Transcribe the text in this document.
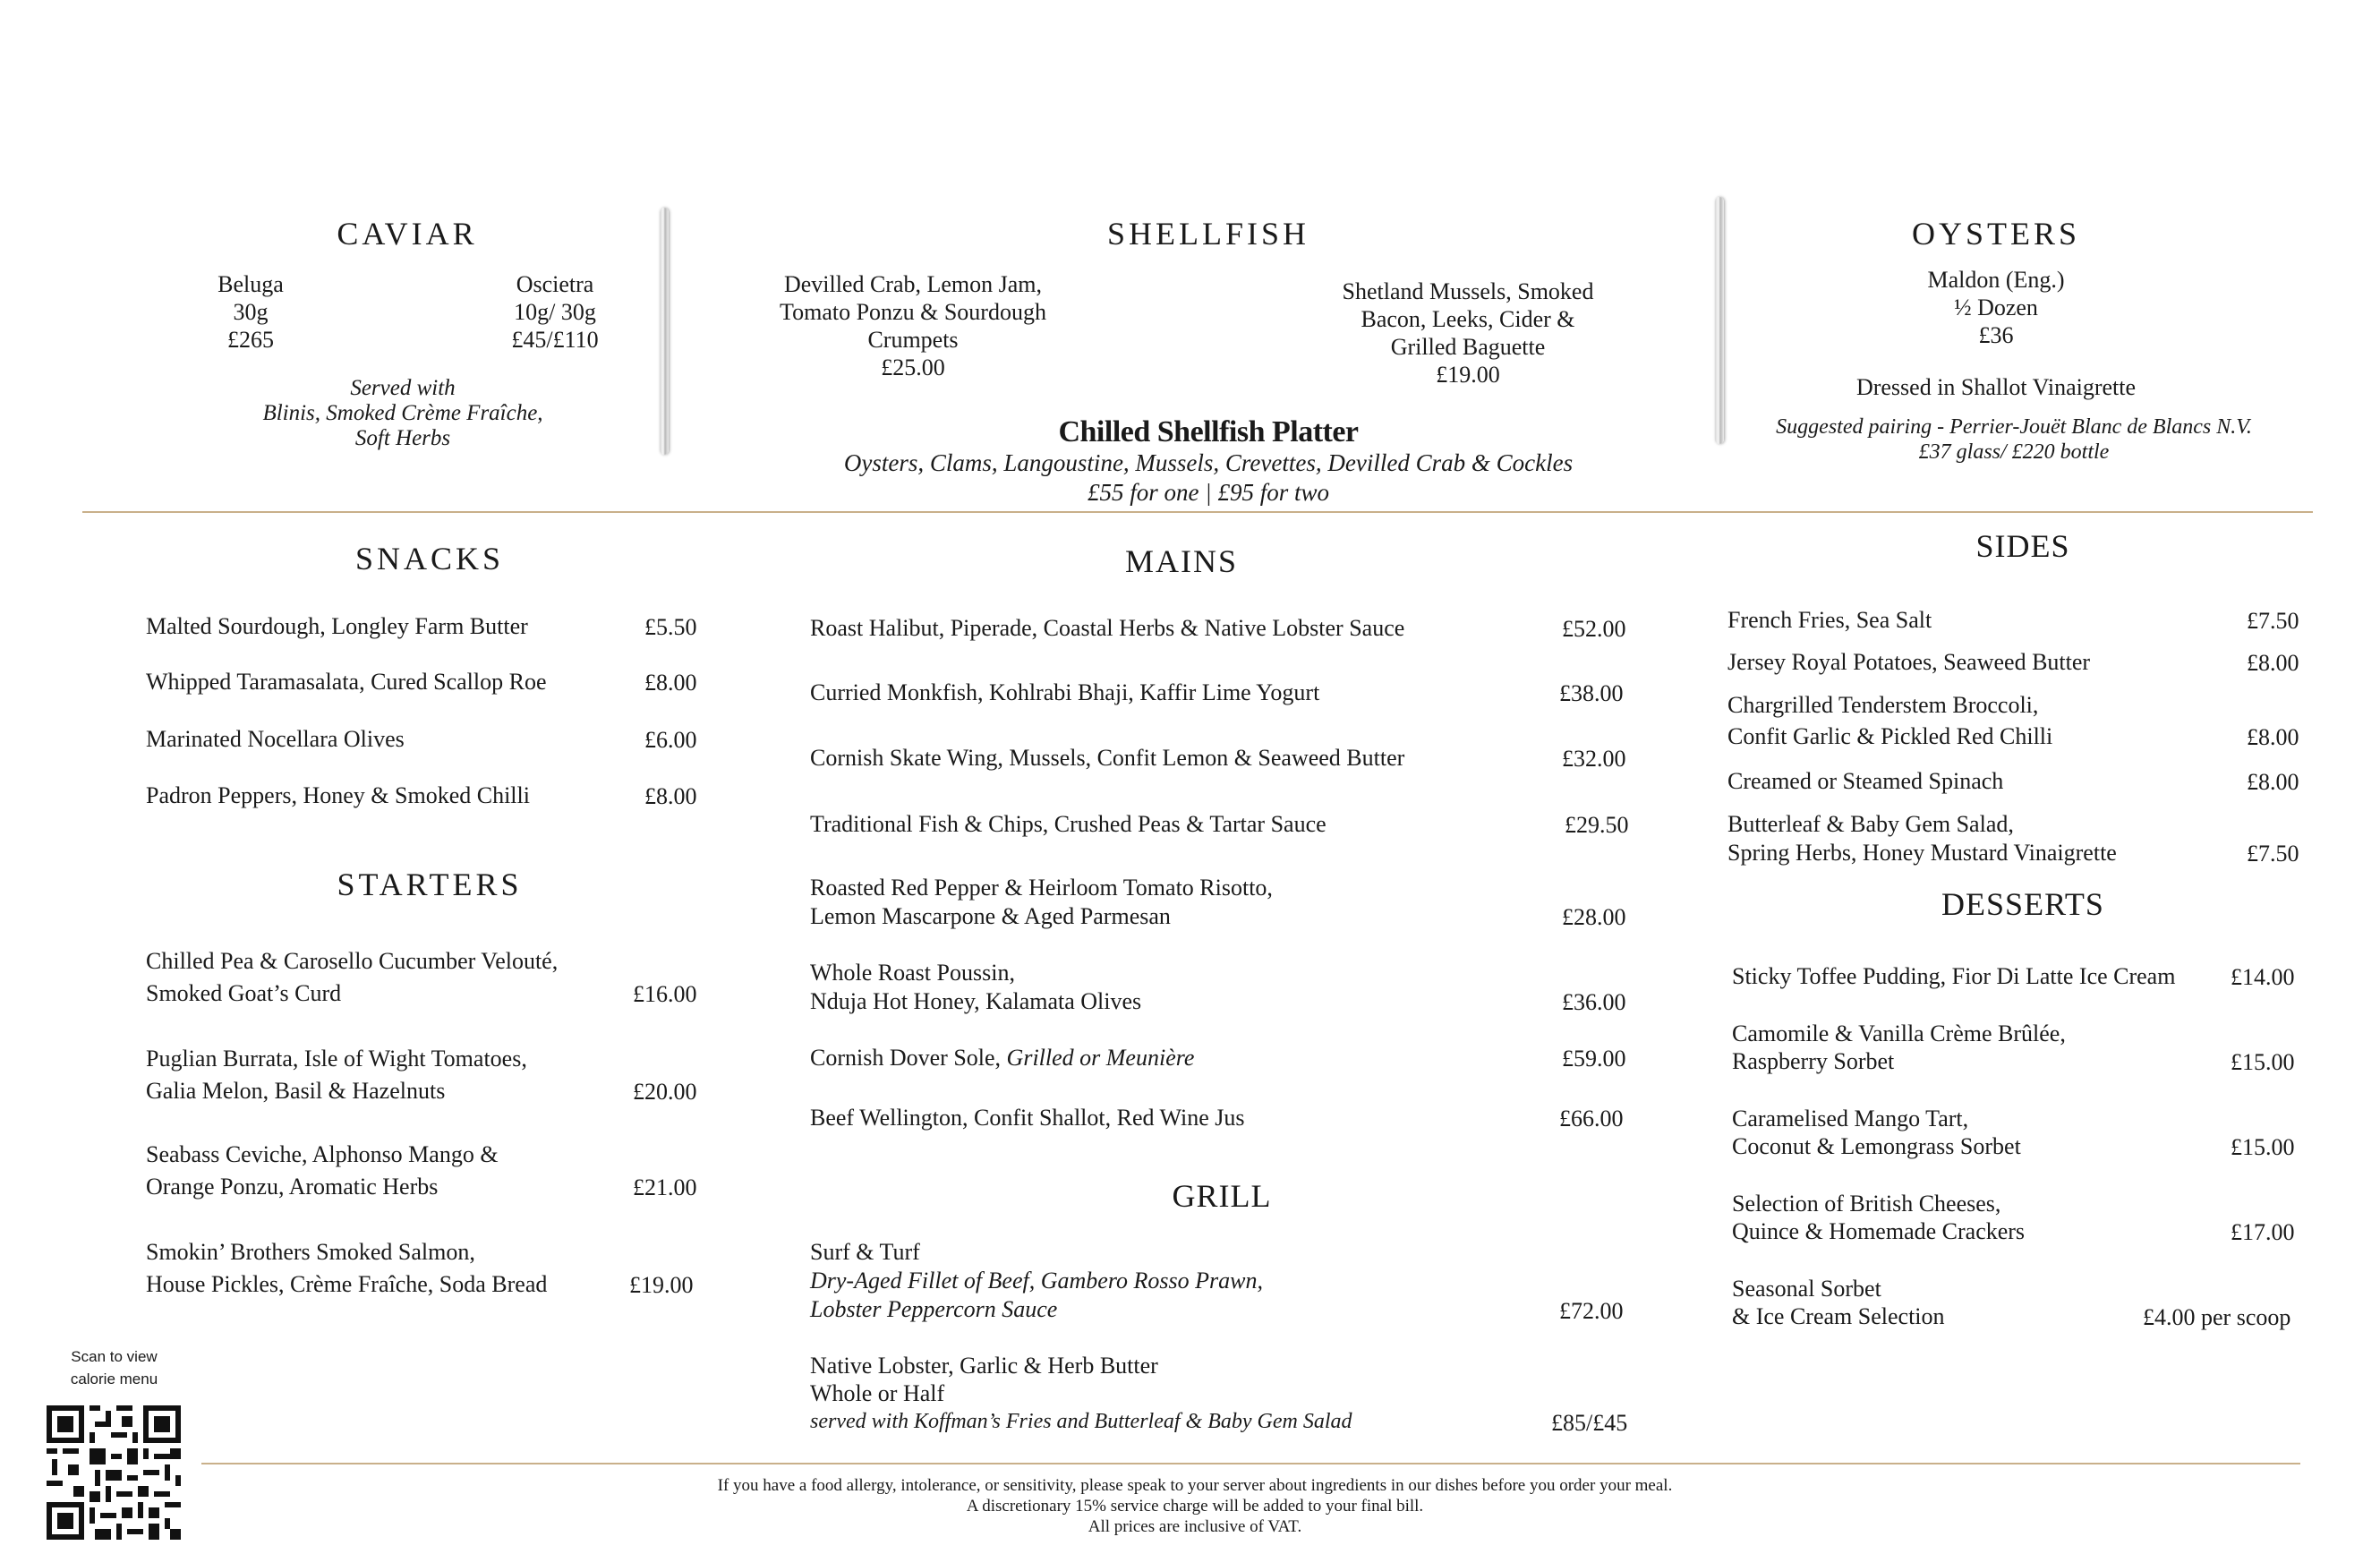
CAVIAR
Beluga
30g
£265
Oscietra
10g/ 30g
£45/£110
Served with
Blinis, Smoked Crème Fraîche,
Soft Herbs
SHELLFISH
Devilled Crab, Lemon Jam,
Tomato Ponzu & Sourdough
Crumpets
£25.00
Shetland Mussels, Smoked
Bacon, Leeks, Cider &
Grilled Baguette
£19.00
Chilled Shellfish Platter
Oysters, Clams, Langoustine, Mussels, Crevettes, Devilled Crab & Cockles
£55 for one | £95 for two
OYSTERS
Maldon (Eng.)
½ Dozen
£36
Dressed in Shallot Vinaigrette
Suggested pairing - Perrier-Jouët Blanc de Blancs N.V.
£37 glass/ £220 bottle
SNACKS
Malted Sourdough, Longley Farm Butter	£5.50
Whipped Taramasalata, Cured Scallop Roe	£8.00
Marinated Nocellara Olives	£6.00
Padron Peppers, Honey & Smoked Chilli	£8.00
STARTERS
Chilled Pea & Carosello Cucumber Velouté,
Smoked Goat’s Curd	£16.00
Puglian Burrata, Isle of Wight Tomatoes,
Galia Melon, Basil & Hazelnuts	£20.00
Seabass Ceviche, Alphonso Mango &
Orange Ponzu, Aromatic Herbs	£21.00
Smokin’ Brothers Smoked Salmon,
House Pickles, Crème Fraîche, Soda Bread	£19.00
Scan to view
calorie menu
MAINS
Roast Halibut, Piperade, Coastal Herbs & Native Lobster Sauce	£52.00
Curried Monkfish, Kohlrabi Bhaji, Kaffir Lime Yogurt	£38.00
Cornish Skate Wing, Mussels, Confit Lemon & Seaweed Butter	£32.00
Traditional Fish & Chips, Crushed Peas & Tartar Sauce	£29.50
Roasted Red Pepper & Heirloom Tomato Risotto,
Lemon Mascarpone & Aged Parmesan	£28.00
Whole Roast Poussin,
Nduja Hot Honey, Kalamata Olives	£36.00
Cornish Dover Sole, Grilled or Meunière	£59.00
Beef Wellington, Confit Shallot, Red Wine Jus	£66.00
GRILL
Surf & Turf
Dry-Aged Fillet of Beef, Gambero Rosso Prawn,
Lobster Peppercorn Sauce	£72.00
Native Lobster, Garlic & Herb Butter
Whole or Half
served with Koffman’s Fries and Butterleaf & Baby Gem Salad	£85/£45
SIDES
French Fries, Sea Salt	£7.50
Jersey Royal Potatoes, Seaweed Butter	£8.00
Chargrilled Tenderstem Broccoli,
Confit Garlic & Pickled Red Chilli	£8.00
Creamed or Steamed Spinach	£8.00
Butterleaf & Baby Gem Salad,
Spring Herbs, Honey Mustard Vinaigrette	£7.50
DESSERTS
Sticky Toffee Pudding, Fior Di Latte Ice Cream £14.00
Camomile & Vanilla Crème Brûlée,
Raspberry Sorbet	£15.00
Caramelised Mango Tart,
Coconut & Lemongrass Sorbet	£15.00
Selection of British Cheeses,
Quince & Homemade Crackers	£17.00
Seasonal Sorbet
& Ice Cream Selection	£4.00 per scoop
If you have a food allergy, intolerance, or sensitivity, please speak to your server about ingredients in our dishes before you order your meal.
A discretionary 15% service charge will be added to your final bill.
All prices are inclusive of VAT.
